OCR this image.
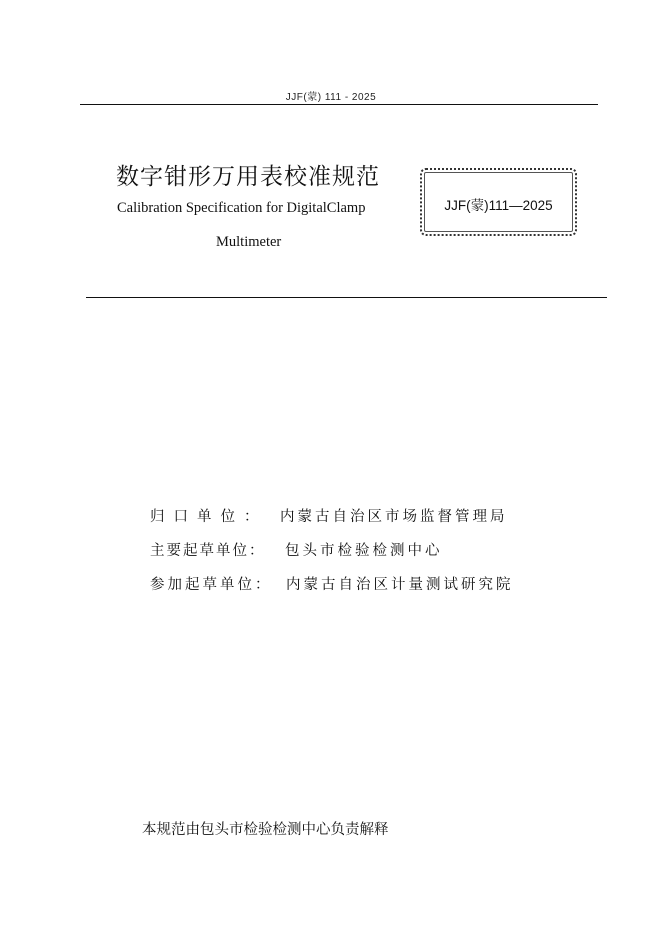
JJF(蒙) 111 - 2025
数字钳形万用表校准规范
Calibration Specification for DigitalClamp
Multimeter
JJF(蒙)111—2025
归口单位： 内蒙古自治区市场监督管理局
主要起草单位： 包头市检验检测中心
参加起草单位： 内蒙古自治区计量测试研究院
本规范由包头市检验检测中心负责解释
